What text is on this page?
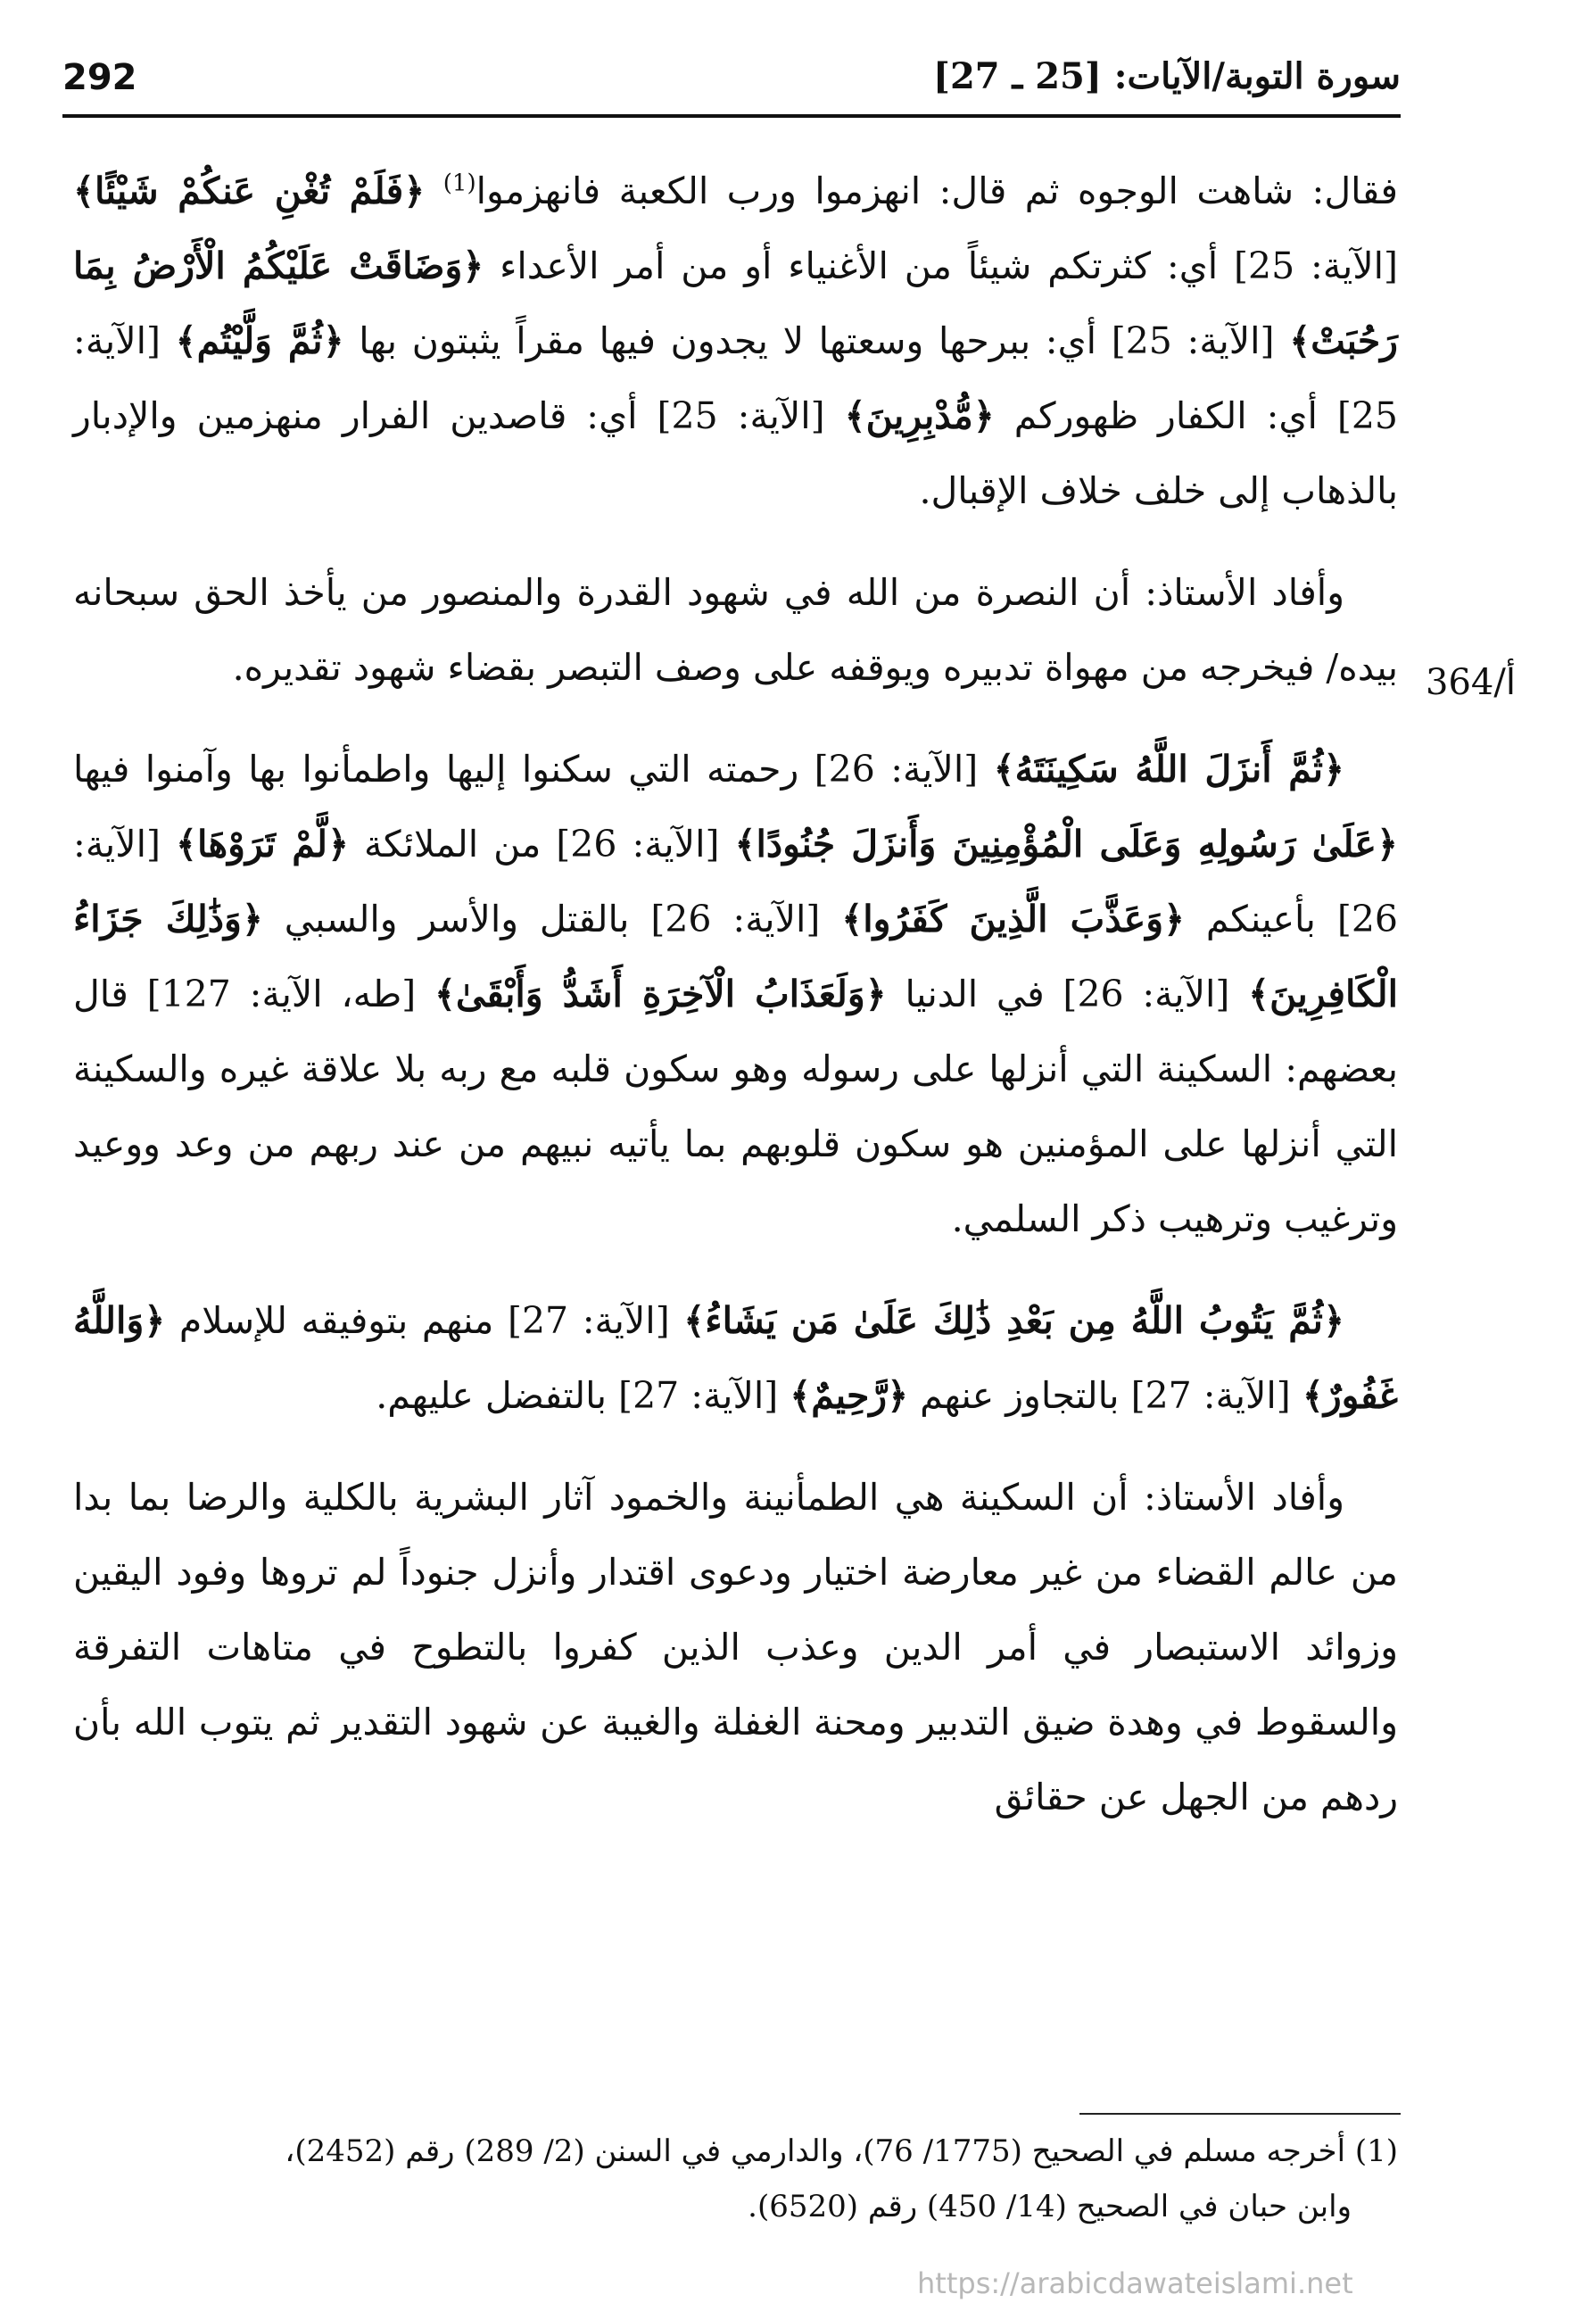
292	سورة التوبة/الآيات: [25 ـ 27]
364/أ

فقال: شاهت الوجوه ثم قال: انهزموا ورب الكعبة فانهزموا$^{(1)}$ ﴿فَلَمْ تُغْنِ عَنكُمْ شَيْئًا﴾ [الآية: 25] أي: كثرتكم شيئاً من الأغنياء أو من أمر الأعداء ﴿وَضَاقَتْ عَلَيْكُمُ الْأَرْضُ بِمَا رَحُبَتْ﴾ [الآية: 25] أي: ببرحها وسعتها لا يجدون فيها مقراً يثبتون بها ﴿ثُمَّ وَلَّيْتُم﴾ [الآية: 25] أي: الكفار ظهوركم ﴿مُّدْبِرِينَ﴾ [الآية: 25] أي: قاصدين الفرار منهزمين والإدبار بالذهاب إلى خلف خلاف الإقبال.

وأفاد الأستاذ: أن النصرة من الله في شهود القدرة والمنصور من يأخذ الحق سبحانه بيده/ فيخرجه من مهواة تدبيره ويوقفه على وصف التبصر بقضاء شهود تقديره.

﴿ثُمَّ أَنزَلَ اللَّهُ سَكِينَتَهُ﴾ [الآية: 26] رحمته التي سكنوا إليها واطمأنوا بها وآمنوا فيها ﴿عَلَىٰ رَسُولِهِ وَعَلَى الْمُؤْمِنِينَ وَأَنزَلَ جُنُودًا﴾ [الآية: 26] من الملائكة ﴿لَّمْ تَرَوْهَا﴾ [الآية: 26] بأعينكم ﴿وَعَذَّبَ الَّذِينَ كَفَرُوا﴾ [الآية: 26] بالقتل والأسر والسبي ﴿وَذَٰلِكَ جَزَاءُ الْكَافِرِينَ﴾ [الآية: 26] في الدنيا ﴿وَلَعَذَابُ الْآخِرَةِ أَشَدُّ وَأَبْقَىٰ﴾ [طه، الآية: 127] قال بعضهم: السكينة التي أنزلها على رسوله وهو سكون قلبه مع ربه بلا علاقة غيره والسكينة التي أنزلها على المؤمنين هو سكون قلوبهم بما يأتيه نبيهم من عند ربهم من وعد ووعيد وترغيب وترهيب ذكر السلمي.

﴿ثُمَّ يَتُوبُ اللَّهُ مِن بَعْدِ ذَٰلِكَ عَلَىٰ مَن يَشَاءُ﴾ [الآية: 27] منهم بتوفيقه للإسلام ﴿وَاللَّهُ غَفُورٌ﴾ [الآية: 27] بالتجاوز عنهم ﴿رَّحِيمٌ﴾ [الآية: 27] بالتفضل عليهم.

وأفاد الأستاذ: أن السكينة هي الطمأنينة والخمود آثار البشرية بالكلية والرضا بما بدا من عالم القضاء من غير معارضة اختيار ودعوى اقتدار وأنزل جنوداً لم تروها وفود اليقين وزوائد الاستبصار في أمر الدين وعذب الذين كفروا بالتطوح في متاهات التفرقة والسقوط في وهدة ضيق التدبير ومحنة الغفلة والغيبة عن شهود التقدير ثم يتوب الله بأن ردهم من الجهل عن حقائق

(1) أخرجه مسلم في الصحيح (1775/ 76)، والدارمي في السنن (2/ 289) رقم (2452)،

وابن حبان في الصحيح (14/ 450) رقم (6520).

https://arabicdawateislami.net
